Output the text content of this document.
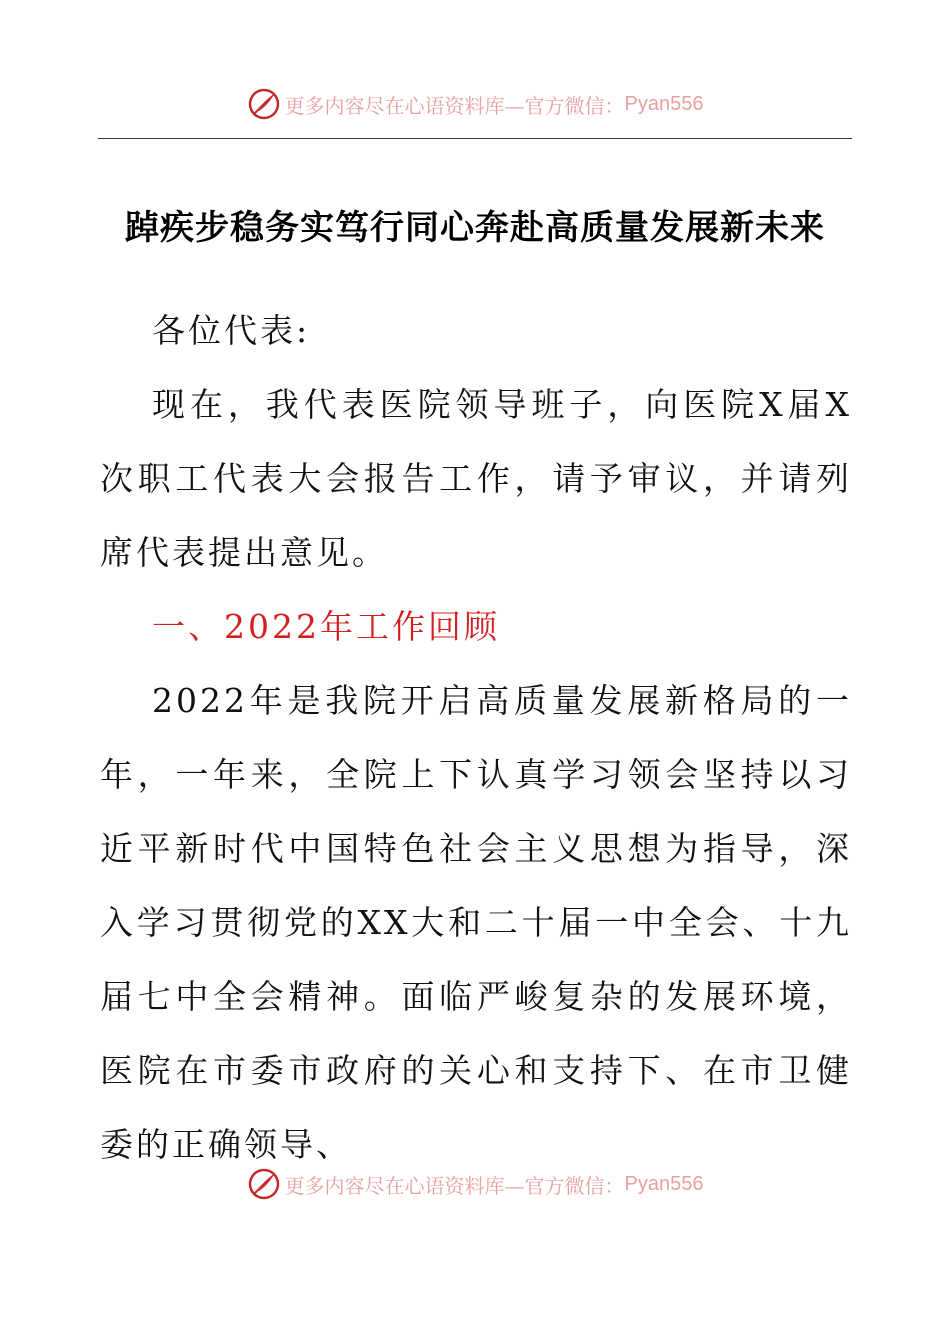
更多内容尽在心语资料库—官方微信： Pyan556
踔疾步稳务实笃行同心奔赴高质量发展新未来

各位代表:

现在，我代表医院领导班子，向医院X届X次职工代表大会报告工作，请予审议，并请列席代表提出意见。

一、2022年工作回顾

2022年是我院开启高质量发展新格局的一年，一年来，全院上下认真学习领会坚持以习近平新时代中国特色社会主义思想为指导，深入学习贯彻党的XX大和二十届一中全会、十九届七中全会精神。面临严峻复杂的发展环境，医院在市委市政府的关心和支持下、在市卫健委的正确领导、

更多内容尽在心语资料库—官方微信： Pyan556
